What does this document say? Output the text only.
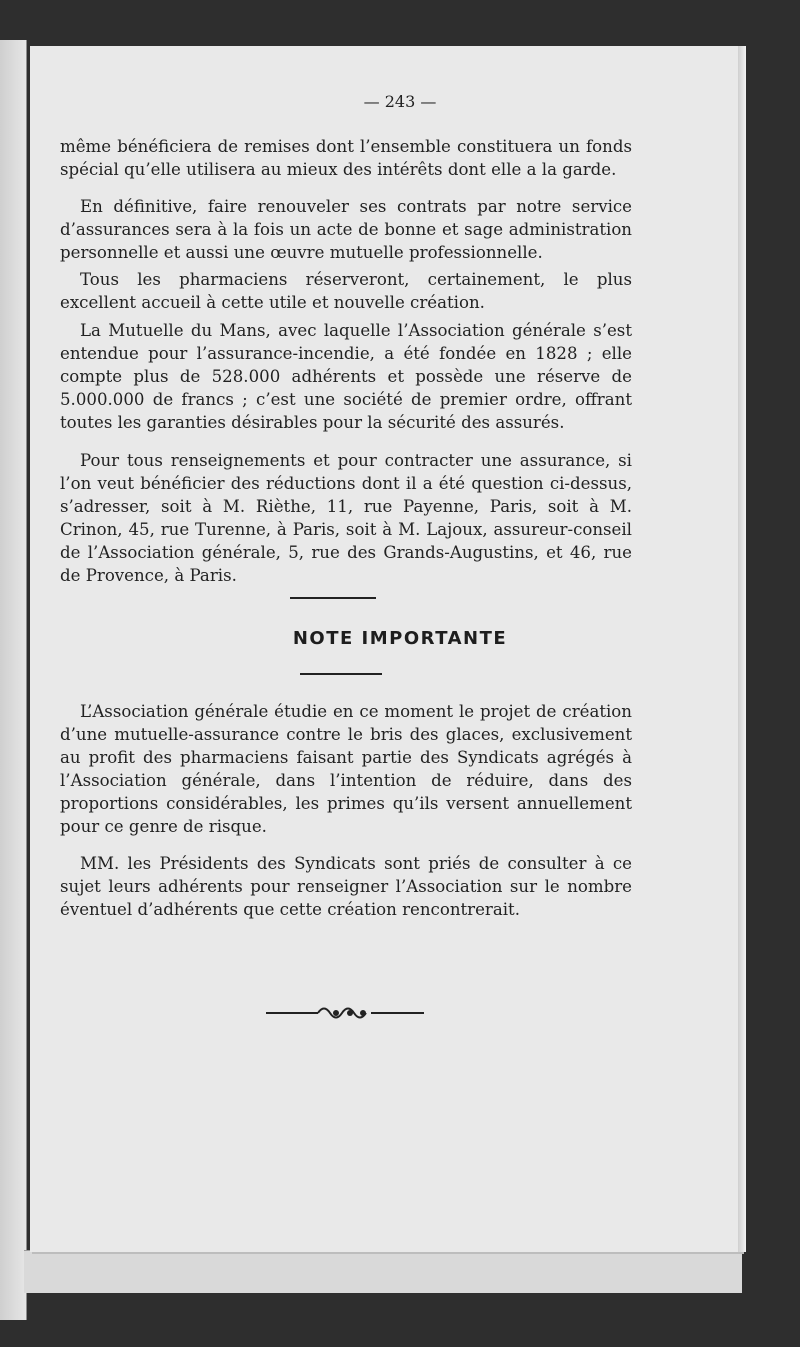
— 243 —
même bénéficiera de remises dont l’ensemble constituera un fonds spécial qu’elle utilisera au mieux des intérêts dont elle a la garde.
En définitive, faire renouveler ses contrats par notre service d’assurances sera à la fois un acte de bonne et sage administration personnelle et aussi une œuvre mutuelle professionnelle.
Tous les pharmaciens réserveront, certainement, le plus excellent accueil à cette utile et nouvelle création.
La Mutuelle du Mans, avec laquelle l’Association générale s’est entendue pour l’assurance-incendie, a été fondée en 1828 ; elle compte plus de 528.000 adhérents et possède une réserve de 5.000.000 de francs ; c’est une société de premier ordre, offrant toutes les garanties désirables pour la sécurité des assurés.
Pour tous renseignements et pour contracter une assurance, si l’on veut bénéficier des réductions dont il a été question ci-dessus, s’adresser, soit à M. Rièthe, 11, rue Payenne, Paris, soit à M. Crinon, 45, rue Turenne, à Paris, soit à M. Lajoux, assureur-conseil de l’Association générale, 5, rue des Grands-Augustins, et 46, rue de Provence, à Paris.
NOTE IMPORTANTE
L’Association générale étudie en ce moment le projet de création d’une mutuelle-assurance contre le bris des glaces, exclusivement au profit des pharmaciens faisant partie des Syndicats agrégés à l’Association générale, dans l’intention de réduire, dans des proportions considérables, les primes qu’ils versent annuellement pour ce genre de risque.
MM. les Présidents des Syndicats sont priés de consulter à ce sujet leurs adhérents pour renseigner l’Association sur le nombre éventuel d’adhérents que cette création rencontrerait.
